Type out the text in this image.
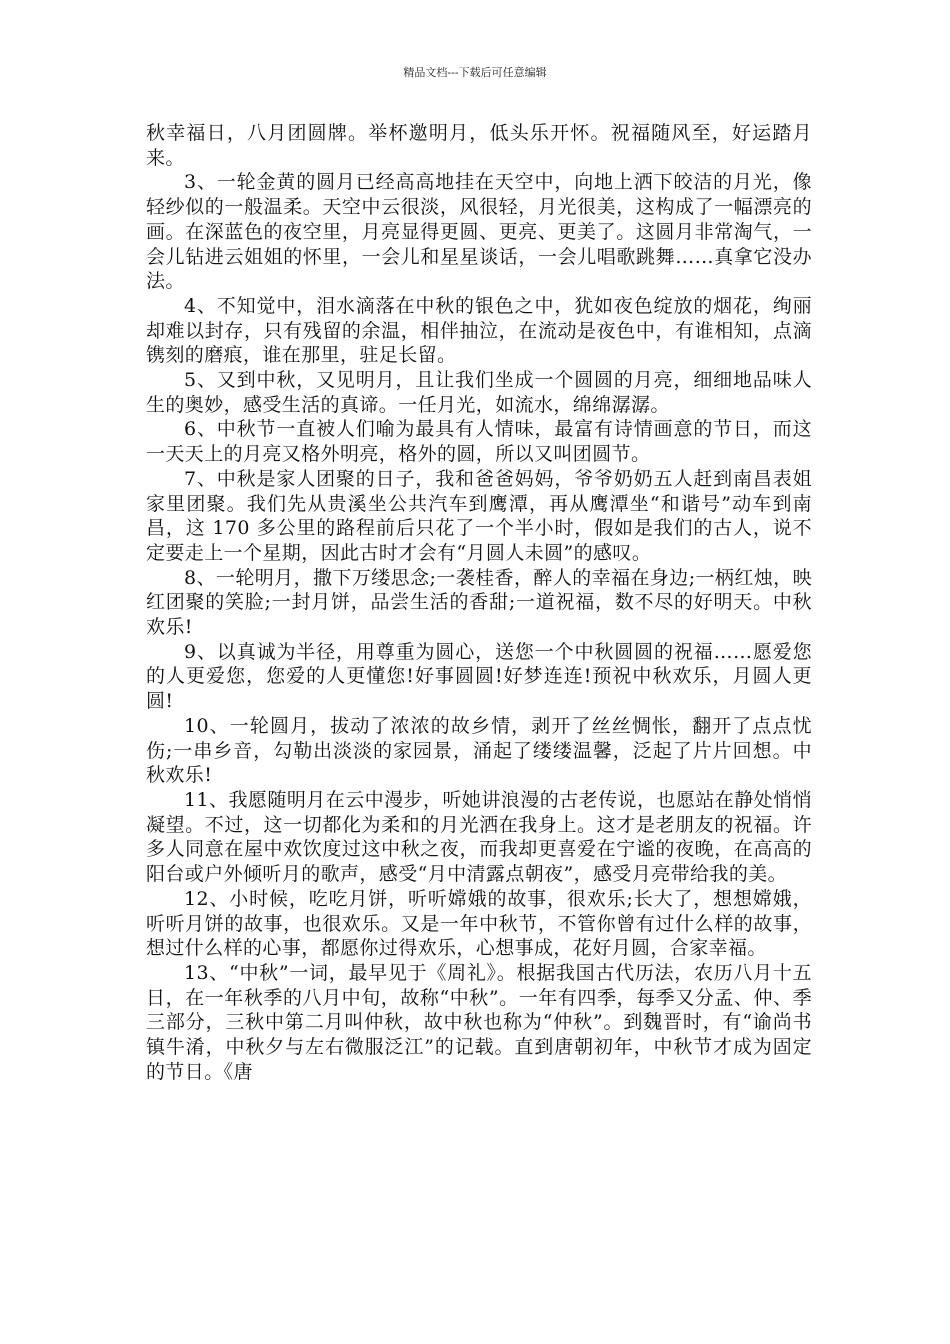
精品文档---下载后可任意编辑

秋幸福日，八月团圆牌。举杯邀明月，低头乐开怀。祝福随风至，好运踏月来。

3、一轮金黄的圆月已经高高地挂在天空中，向地上洒下皎洁的月光，像轻纱似的一般温柔。天空中云很淡，风很轻，月光很美，这构成了一幅漂亮的画。在深蓝色的夜空里，月亮显得更圆、更亮、更美了。这圆月非常淘气，一会儿钻进云姐姐的怀里，一会儿和星星谈话，一会儿唱歌跳舞……真拿它没办法。

4、不知觉中，泪水滴落在中秋的银色之中，犹如夜色绽放的烟花，绚丽却难以封存，只有残留的余温，相伴抽泣，在流动是夜色中，有谁相知，点滴镌刻的磨痕，谁在那里，驻足长留。

5、又到中秋，又见明月，且让我们坐成一个圆圆的月亮，细细地品味人生的奥妙，感受生活的真谛。一任月光，如流水，绵绵潺潺。

6、中秋节一直被人们喻为最具有人情味，最富有诗情画意的节日，而这一天天上的月亮又格外明亮，格外的圆，所以又叫团圆节。

7、中秋是家人团聚的日子，我和爸爸妈妈，爷爷奶奶五人赶到南昌表姐家里团聚。我们先从贵溪坐公共汽车到鹰潭，再从鹰潭坐“和谐号”动车到南昌，这 170 多公里的路程前后只花了一个半小时，假如是我们的古人，说不定要走上一个星期，因此古时才会有“月圆人未圆”的感叹。

8、一轮明月，撒下万缕思念;一袭桂香，醉人的幸福在身边;一柄红烛，映红团聚的笑脸;一封月饼，品尝生活的香甜;一道祝福，数不尽的好明天。中秋欢乐!

9、以真诚为半径，用尊重为圆心，送您一个中秋圆圆的祝福……愿爱您的人更爱您，您爱的人更懂您!好事圆圆!好梦连连!预祝中秋欢乐，月圆人更圆!

10、一轮圆月，拔动了浓浓的故乡情，剥开了丝丝惆怅，翻开了点点忧伤;一串乡音，勾勒出淡淡的家园景，涌起了缕缕温馨，泛起了片片回想。中秋欢乐!

11、我愿随明月在云中漫步，听她讲浪漫的古老传说，也愿站在静处悄悄凝望。不过，这一切都化为柔和的月光洒在我身上。这才是老朋友的祝福。许多人同意在屋中欢饮度过这中秋之夜，而我却更喜爱在宁谧的夜晚，在高高的阳台或户外倾听月的歌声，感受“月中清露点朝夜”，感受月亮带给我的美。

12、小时候，吃吃月饼，听听嫦娥的故事，很欢乐;长大了，想想嫦娥，听听月饼的故事，也很欢乐。又是一年中秋节，不管你曾有过什么样的故事，想过什么样的心事，都愿你过得欢乐，心想事成，花好月圆，合家幸福。

13、“中秋”一词，最早见于《周礼》。根据我国古代历法，农历八月十五日，在一年秋季的八月中旬，故称“中秋”。一年有四季，每季又分孟、仲、季三部分，三秋中第二月叫仲秋，故中秋也称为“仲秋”。到魏晋时，有“谕尚书镇牛淆，中秋夕与左右微服泛江”的记载。直到唐朝初年，中秋节才成为固定的节日。《唐
